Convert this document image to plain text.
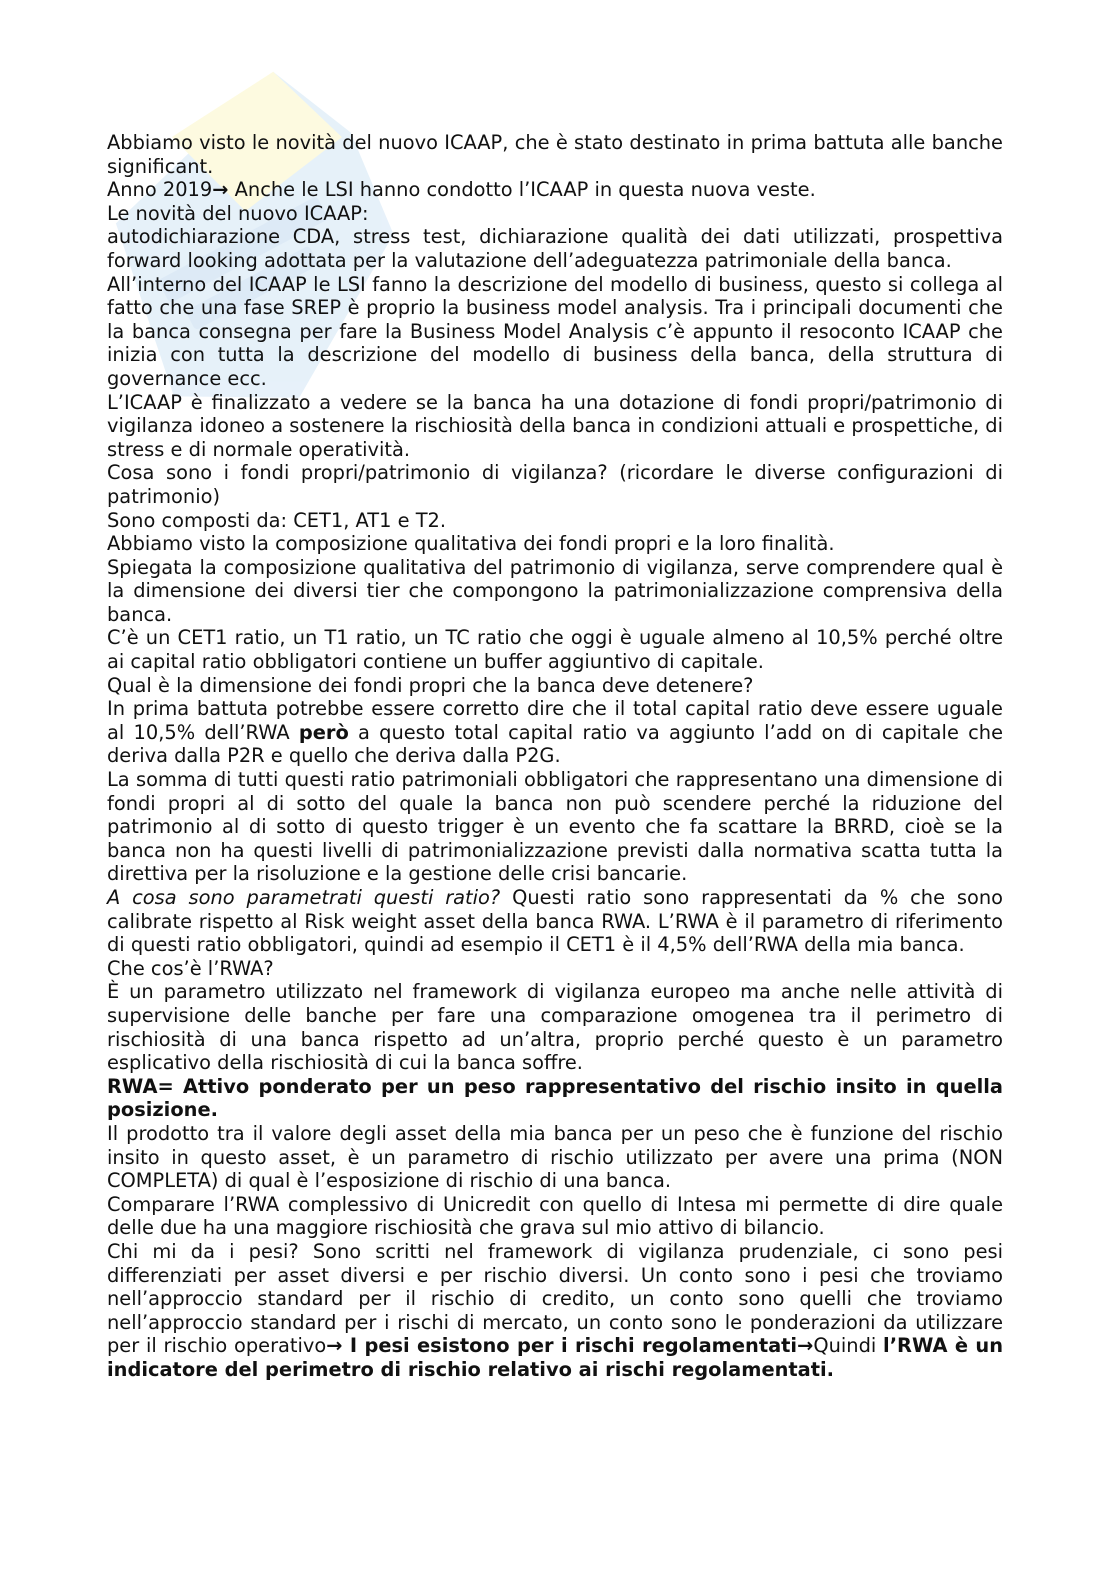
Abbiamo visto le novità del nuovo ICAAP, che è stato destinato in prima battuta alle banche significant.

Anno 2019→ Anche le LSI hanno condotto l’ICAAP in questa nuova veste.

Le novità del nuovo ICAAP:

autodichiarazione CDA, stress test, dichiarazione qualità dei dati utilizzati, prospettiva forward looking adottata per la valutazione dell’adeguatezza patrimoniale della banca.

All’interno del ICAAP le LSI fanno la descrizione del modello di business, questo si collega al fatto che una fase SREP è proprio la business model analysis. Tra i principali documenti che la banca consegna per fare la Business Model Analysis c’è appunto il resoconto ICAAP che inizia con tutta la descrizione del modello di business della banca, della struttura di governance ecc.

L’ICAAP è finalizzato a vedere se la banca ha una dotazione di fondi propri/patrimonio di vigilanza idoneo a sostenere la rischiosità della banca in condizioni attuali e prospettiche, di stress e di normale operatività.

Cosa sono i fondi propri/patrimonio di vigilanza? (ricordare le diverse configurazioni di patrimonio)

Sono composti da: CET1, AT1 e T2.

Abbiamo visto la composizione qualitativa dei fondi propri e la loro finalità.

Spiegata la composizione qualitativa del patrimonio di vigilanza, serve comprendere qual è la dimensione dei diversi tier che compongono la patrimonializzazione comprensiva della banca.

C’è un CET1 ratio, un T1 ratio, un TC ratio che oggi è uguale almeno al 10,5% perché oltre ai capital ratio obbligatori contiene un buffer aggiuntivo di capitale.

Qual è la dimensione dei fondi propri che la banca deve detenere?

In prima battuta potrebbe essere corretto dire che il total capital ratio deve essere uguale al 10,5% dell’RWA però a questo total capital ratio va aggiunto l’add on di capitale che deriva dalla P2R e quello che deriva dalla P2G.

La somma di tutti questi ratio patrimoniali obbligatori che rappresentano una dimensione di fondi propri al di sotto del quale la banca non può scendere perché la riduzione del patrimonio al di sotto di questo trigger è un evento che fa scattare la BRRD, cioè se la banca non ha questi livelli di patrimonializzazione previsti dalla normativa scatta tutta la direttiva per la risoluzione e la gestione delle crisi bancarie.

A cosa sono parametrati questi ratio? Questi ratio sono rappresentati da % che sono calibrate rispetto al Risk weight asset della banca RWA. L’RWA è il parametro di riferimento di questi ratio obbligatori, quindi ad esempio il CET1 è il 4,5% dell’RWA della mia banca.

Che cos’è l’RWA?

È un parametro utilizzato nel framework di vigilanza europeo ma anche nelle attività di supervisione delle banche per fare una comparazione omogenea tra il perimetro di rischiosità di una banca rispetto ad un’altra, proprio perché questo è un parametro esplicativo della rischiosità di cui la banca soffre.

RWA= Attivo ponderato per un peso rappresentativo del rischio insito in quella posizione.

Il prodotto tra il valore degli asset della mia banca per un peso che è funzione del rischio insito in questo asset, è un parametro di rischio utilizzato per avere una prima (NON COMPLETA) di qual è l’esposizione di rischio di una banca.

Comparare l’RWA complessivo di Unicredit con quello di Intesa mi permette di dire quale delle due ha una maggiore rischiosità che grava sul mio attivo di bilancio.

Chi mi da i pesi? Sono scritti nel framework di vigilanza prudenziale, ci sono pesi differenziati per asset diversi e per rischio diversi. Un conto sono i pesi che troviamo nell’approccio standard per il rischio di credito, un conto sono quelli che troviamo nell’approccio standard per i rischi di mercato, un conto sono le ponderazioni da utilizzare per il rischio operativo→ I pesi esistono per i rischi regolamentati→Quindi l’RWA è un indicatore del perimetro di rischio relativo ai rischi regolamentati.
